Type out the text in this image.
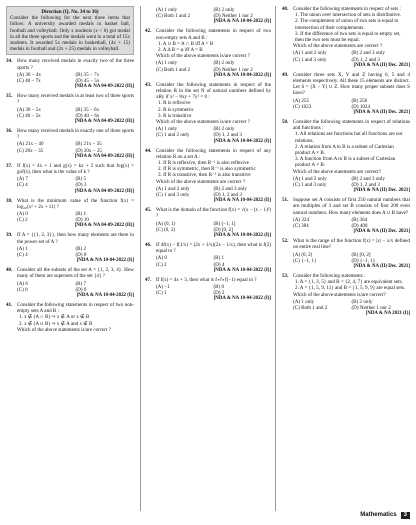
Direction (Q. No. 34 to 36)
Consider the following for the next three items that follow: A university awarded medals in basket ball, football and volleyball. Only x students (x < 6) got medal in all the three sports and the medals went to a total of 15x students. It awarded 5x medals in basketball, (4x + 15) medals in football and (2x + 25) medals in volleyball.
34. How many received medals in exactly two of the three sports ?
(A) 30 − 4x	(B) 35 − 7x
(C) 40 − 7x	(D) 45 − 5x
[NDA & NA 04-09-2022 (II)]
35. How many received medals in at least two of three sports ?
(A) 30 − 5x	(B) 35 − 6x
(C) 40 − 5x	(D) 40 − 6x
[NDA & NA 04-09-2022 (II)]
36. How many received medals in exactly one of three sports ?
(A) 21x − 40	(B) 21x − 35
(C) 20x − 35	(D) 20x − 25
[NDA & NA 04-09-2022 (II)]
37. If f(x) = 4x + 1 and g(x) = kx + 2 such that fog(x) = gof(x), then what is the value of k ?
(A) 7	(B) 5
(C) 4	(D) 3
[NDA & NA 04-09-2022 (II)]
38. What is the minimum value of the function f(x) = log₁₀(x² + 2x + 11) ?
(A) 0	(B) 1
(C) 2	(D) 10
[NDA & NA 04-09-2022 (II)]
39. If A = {{1, 2, 3}}, then how many elements are there in the power set of A ?
(A) 1	(B) 2
(C) 4	(D) 8
[NDA & NA 10-04-2022 (I)]
40. Consider all the subsets of the set A = {1, 2, 3, 4}. How many of them are supersets of the set {4} ?
(A) 6	(B) 7
(C) 8	(D) 9
[NDA & NA 10-04-2022 (I)]
41. Consider the following statements in respect of two non-empty sets A and B :
1. x ∉ (A ∩ B) ⇒ x ∉ A or x ∉ B
2. x ∉ (A ∪ B) ⇒ x ∉ A and x ∉ B
Which of the above statements is/are correct ?
(A) 1 only	(B) 2 only
(C) Both 1 and 2	(D) Neither 1 nor 2
[NDA & NA 10-04-2022 (I)]
42. Consider the following statements in respect of two non-empty sets A and B :
1. A ∪ B = A ∩ B iff A = B
2. A Δ B = φ iff A = B
Which of the above statements is/are correct ?
(A) 1 only	(B) 2 only
(C) Both 1 and 2	(D) Neither 1 nor 2
[NDA & NA 10-04-2022 (I)]
43. Consider the following statements in respect of the relation R in the set N of natural numbers defined by xRy if x² − 8xy + 7y² = 0 :
1. R is reflexive
2. R is symmetric
3. R is transitive
Which of the above statements is/are correct ?
(A) 1 only	(B) 2 only
(C) 1 and 2 only	(D) 1, 2 and 3
[NDA & NA 10-04-2022 (I)]
44. Consider the following statements in respect of any relation R on a set A :
1. If R is reflexive, then R⁻¹ is also reflexive
2. If R is symmetric, then R⁻¹ is also symmetric
3. If R is transitive, then R⁻¹ is also transitive
Which of the above statements are correct ?
(A) 1 and 2 only	(B) 2 and 3 only
(C) 1 and 3 only	(D) 1, 2 and 3
[NDA & NA 10-04-2022 (I)]
45. What is the domain of the function f(x) = √(x − (x − 1)²) ?
(A) (0, 1)	(B) [−1, 1]
(C) (0, 2)	(D) [0, 2]
[NDA & NA 10-04-2022 (I)]
46. If 4f(x) − f(1/x) = (2x + 1/x)(2x − 1/x), then what is f(2) equal to ?
(A) 0	(B) 1
(C) 2	(D) 4
[NDA & NA 10-04-2022 (I)]
47. If f(x) = 4x + 3, then what is f∘f∘f(−1) equal to ?
(A) −1	(B) 0
(C) 1	(D) 2
[NDA & NA 10-04-2022 (I)]
48. Consider the following statements in respect of sets :
1. The union over intersection of sets is distributive.
2. The complement of union of two sets is equal to intersection of their complements.
3. If the difference of two sets is equal to empty set, then the two sets must be equal.
Which of the above statements are correct ?
(A) 1 and 2 only	(B) 2 and 3 only
(C) 1 and 3 only	(D) 1, 2 and 3
[NDA & NA (II) Dec. 2021]
49. Consider three sets X, Y and Z having 6, 5 and 4 elements respectively. All these 15 elements are distinct. Let S = (X − Y) ∪ Z. How many proper subsets does S have?
(A) 255	(B) 256
(C) 1023	(D) 1024
[NDA & NA (II) Dec. 2021]
50. Consider the following statements in respect of relations and functions :
1. All relations are functions but all functions are not relations.
2. A relation from A to B is a subset of Cartesian product A × B.
3. A function from A to B is a subset of Cartesian product A × B.
Which of the above statements are correct?
(A) 1 and 2 only	(B) 2 and 3 only
(C) 1 and 3 only	(D) 1, 2 and 3
[NDA & NA (II) Dec. 2021]
51. Suppose set A consists of first 250 natural numbers that are multiples of 3 and set B consists of first 200 even natural numbers. How many elements does A ∪ B have?
(A) 324	(B) 364
(C) 384	(D) 400
[NDA & NA (II) Dec. 2021]
52. What is the range of the function f(x) = |x| − x/x defined on entire real line?
(A) (0, 2)	(B) [0, 2]
(C) {−1, 1}	(D) {−1, 1}
[NDA & NA (II) Dec. 2021]
53. Consider the following statements :
1. A = {1, 3, 5} and B = {2, 4, 7} are equivalent sets.
2. A = {1, 5, 9, 11} and B = {1, 5, 9, 9} are equal sets.
Which of the above statements is/are correct?
(A) 1 only	(B) 2 only
(C) Both 1 and 2	(D) Neither 1 nor 2
[NDA & NA 2021 (I)]
Mathematics	3
